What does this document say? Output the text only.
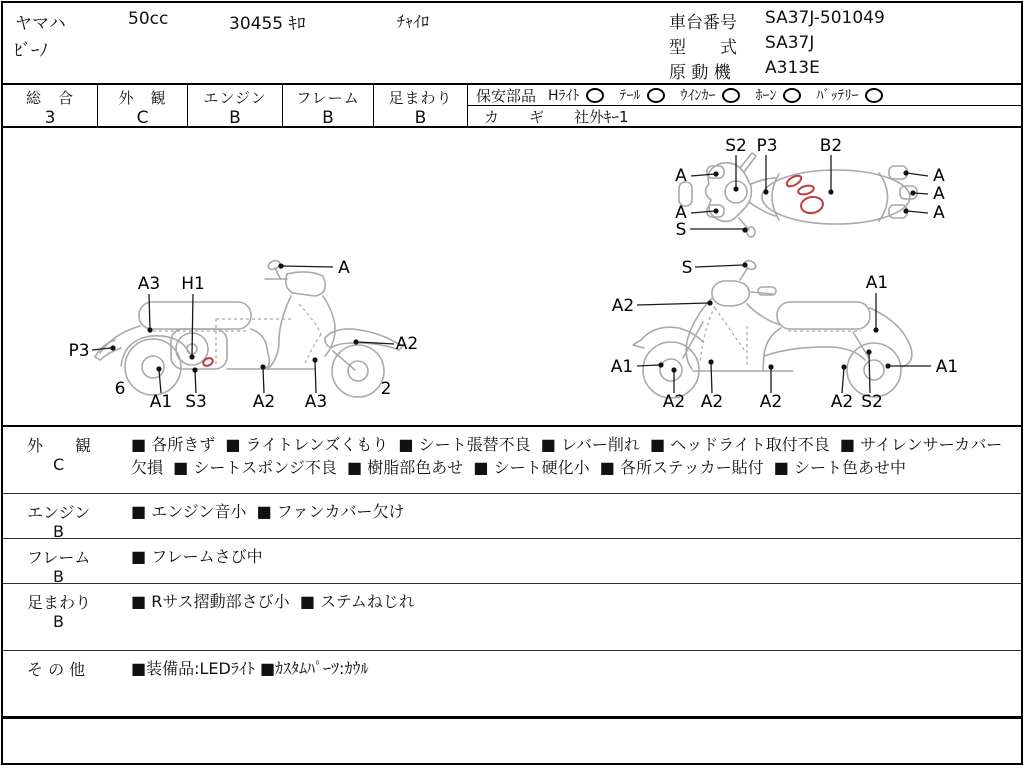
ヤマハ	50cc	30455 ｷﾛ	ﾁｬｲﾛ
ﾋﾞｰﾉ
車台番号 SA37J-501049
型　　式 SA37J
原 動 機 A313E
総　合
3
外　観
C
エンジン
B
フレーム
B
足まわり
B
保安部品 Hﾗｲﾄ	ﾃｰﾙ	ｳｲﾝｶｰ	ﾎｰﾝ	ﾊﾞｯﾃﾘｰ
カ　　ギ 社外ｷｰ1
S2 P3 B2
A
A
S
A
A
A
A3 H1
A
P3	A2
6
A1 S3	A2 A3
2
S
A1
A2
A1	A1
A2 A2 A2	A2 S2
外　　観
C
■ 各所きず  ■ ライトレンズくもり  ■ シート張替不良  ■ レバー削れ  ■ ヘッドライト取付不良  ■ サイレンサーカバー欠損  ■ シートスポンジ不良  ■ 樹脂部色あせ  ■ シート硬化小  ■ 各所ステッカー貼付  ■ シート色あせ中
エンジン
B
■ エンジン音小  ■ ファンカバー欠け
フレーム
B
■ フレームさび中
足まわり
B
■ Rサス摺動部さび小  ■ ステムねじれ
そ の 他	■装備品:LEDﾗｲﾄ ■ｶｽﾀﾑﾊﾟｰﾂ:ｶｳﾙ
